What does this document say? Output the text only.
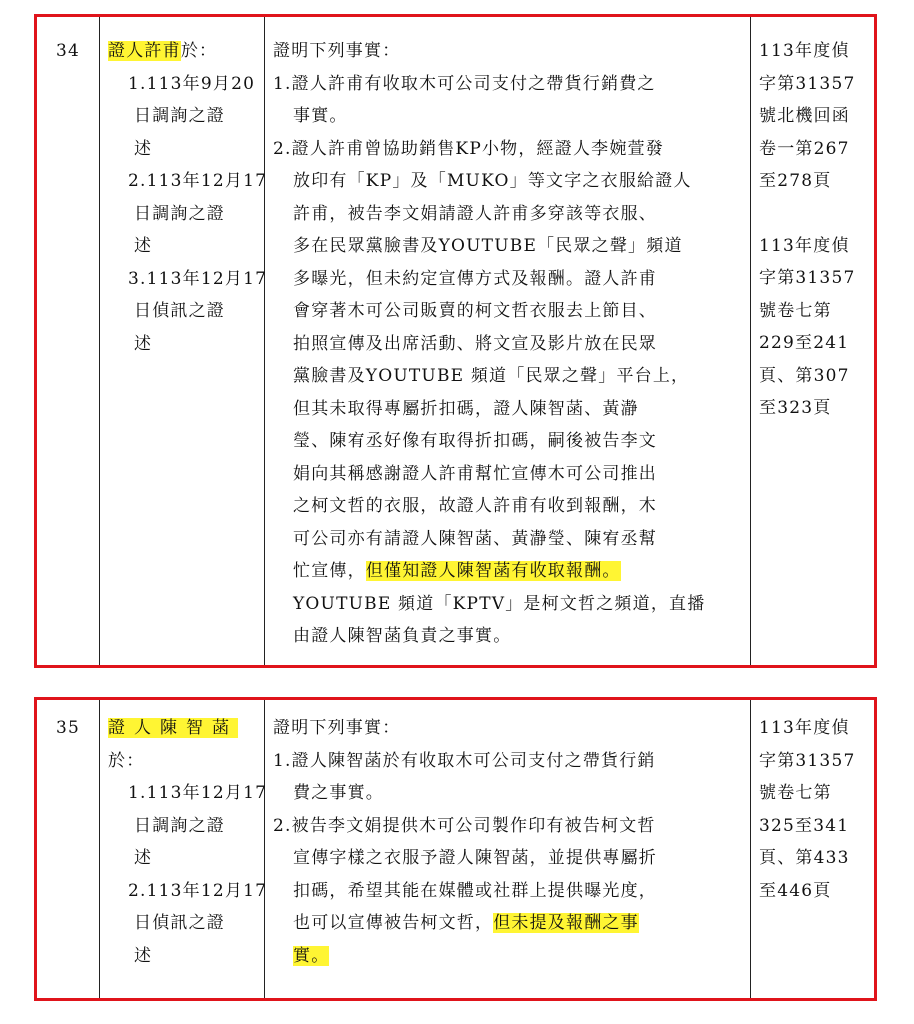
34	證人許甫於：
1.113年9月20
日調詢之證
述
2.113年12月17
日調詢之證
述
3.113年12月17
日偵訊之證
述
證明下列事實：
1.證人許甫有收取木可公司支付之帶貨行銷費之
事實。
2.證人許甫曾協助銷售KP小物，經證人李婉萱發
放印有「KP」及「MUKO」等文字之衣服給證人
許甫，被告李文娟請證人許甫多穿該等衣服、
多在民眾黨臉書及YOUTUBE「民眾之聲」頻道
多曝光，但未約定宣傳方式及報酬。證人許甫
會穿著木可公司販賣的柯文哲衣服去上節目、
拍照宣傳及出席活動、將文宣及影片放在民眾
黨臉書及YOUTUBE 頻道「民眾之聲」平台上，
但其未取得專屬折扣碼，證人陳智菡、黃瀞
瑩、陳宥丞好像有取得折扣碼，嗣後被告李文
娟向其稱感謝證人許甫幫忙宣傳木可公司推出
之柯文哲的衣服，故證人許甫有收到報酬，木
可公司亦有請證人陳智菡、黃瀞瑩、陳宥丞幫
忙宣傳，但僅知證人陳智菡有收取報酬。
YOUTUBE 頻道「KPTV」是柯文哲之頻道，直播
由證人陳智菡負責之事實。
113年度偵
字第31357
號北機回函
卷一第267
至278頁
113年度偵
字第31357
號卷七第
229至241
頁、第307
至323頁
35	證人陳智菡
於：
1.113年12月17
日調詢之證
述
2.113年12月17
日偵訊之證
述
證明下列事實：
1.證人陳智菡於有收取木可公司支付之帶貨行銷
費之事實。
2.被告李文娟提供木可公司製作印有被告柯文哲
宣傳字樣之衣服予證人陳智菡，並提供專屬折
扣碼，希望其能在媒體或社群上提供曝光度，
也可以宣傳被告柯文哲，但未提及報酬之事
實。
113年度偵
字第31357
號卷七第
325至341
頁、第433
至446頁
